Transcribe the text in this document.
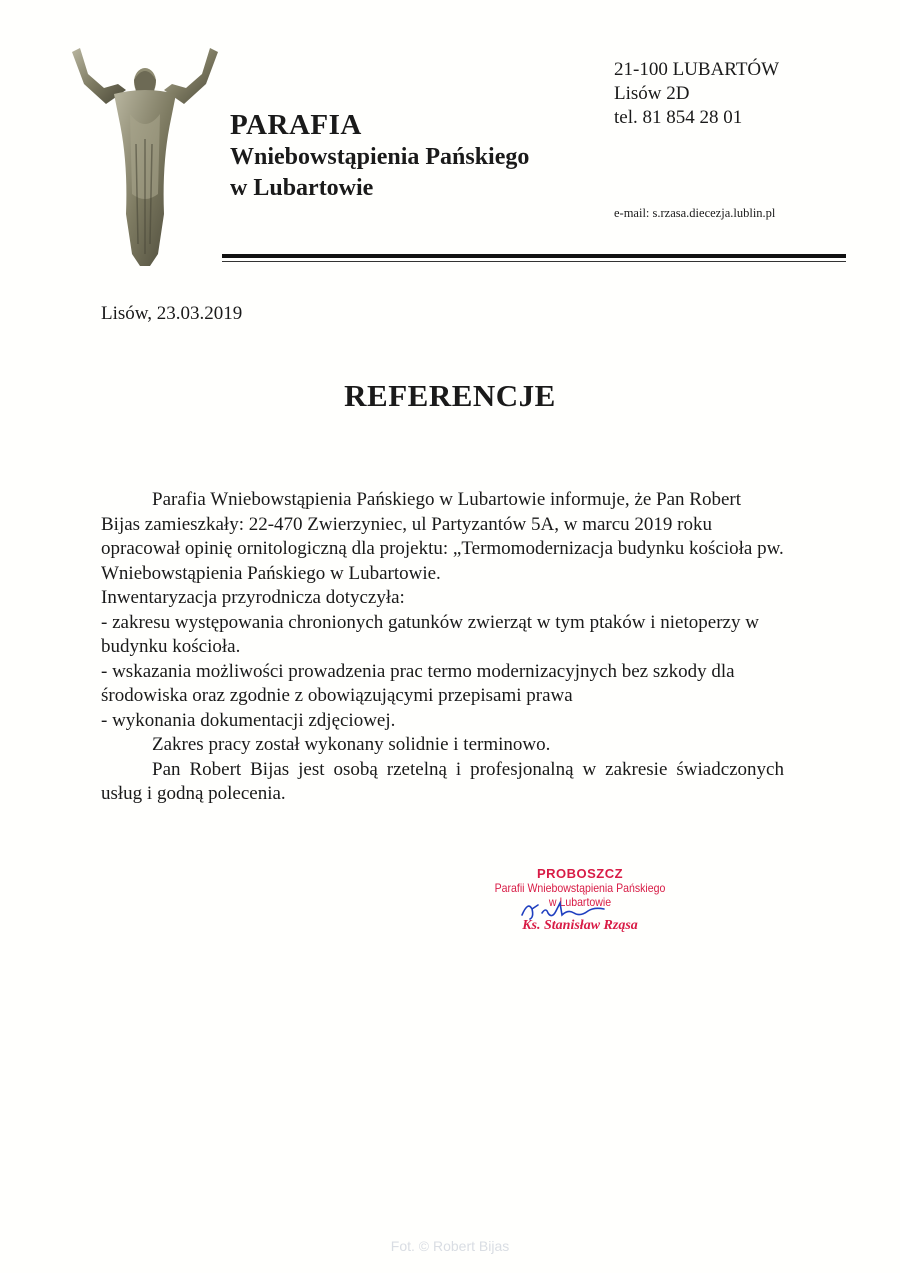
PARAFIA
Wniebowstąpienia Pańskiego
w Lubartowie
21-100 LUBARTÓW
Lisów 2D
tel. 81 854 28 01
e-mail: s.rzasa.diecezja.lublin.pl
Lisów, 23.03.2019
REFERENCJE

Parafia Wniebowstąpienia Pańskiego w Lubartowie informuje, że Pan Robert Bijas zamieszkały: 22-470 Zwierzyniec, ul Partyzantów 5A, w marcu 2019 roku opracował opinię ornitologiczną dla projektu: „Termomodernizacja budynku kościoła pw. Wniebowstąpienia Pańskiego w Lubartowie.

Inwentaryzacja przyrodnicza dotyczyła:

- zakresu występowania chronionych gatunków zwierząt w tym ptaków i nietoperzy w budynku kościoła.

- wskazania możliwości prowadzenia prac termo modernizacyjnych bez szkody dla środowiska oraz zgodnie z obowiązującymi przepisami prawa

- wykonania dokumentacji zdjęciowej.

Zakres pracy został wykonany solidnie i terminowo.

Pan Robert Bijas jest osobą rzetelną i profesjonalną w zakresie świadczonych usług i godną polecenia.

PROBOSZCZ
Parafii Wniebowstąpienia Pańskiego
w Lubartowie
Ks. Stanisław Rząsa
Fot. © Robert Bijas
